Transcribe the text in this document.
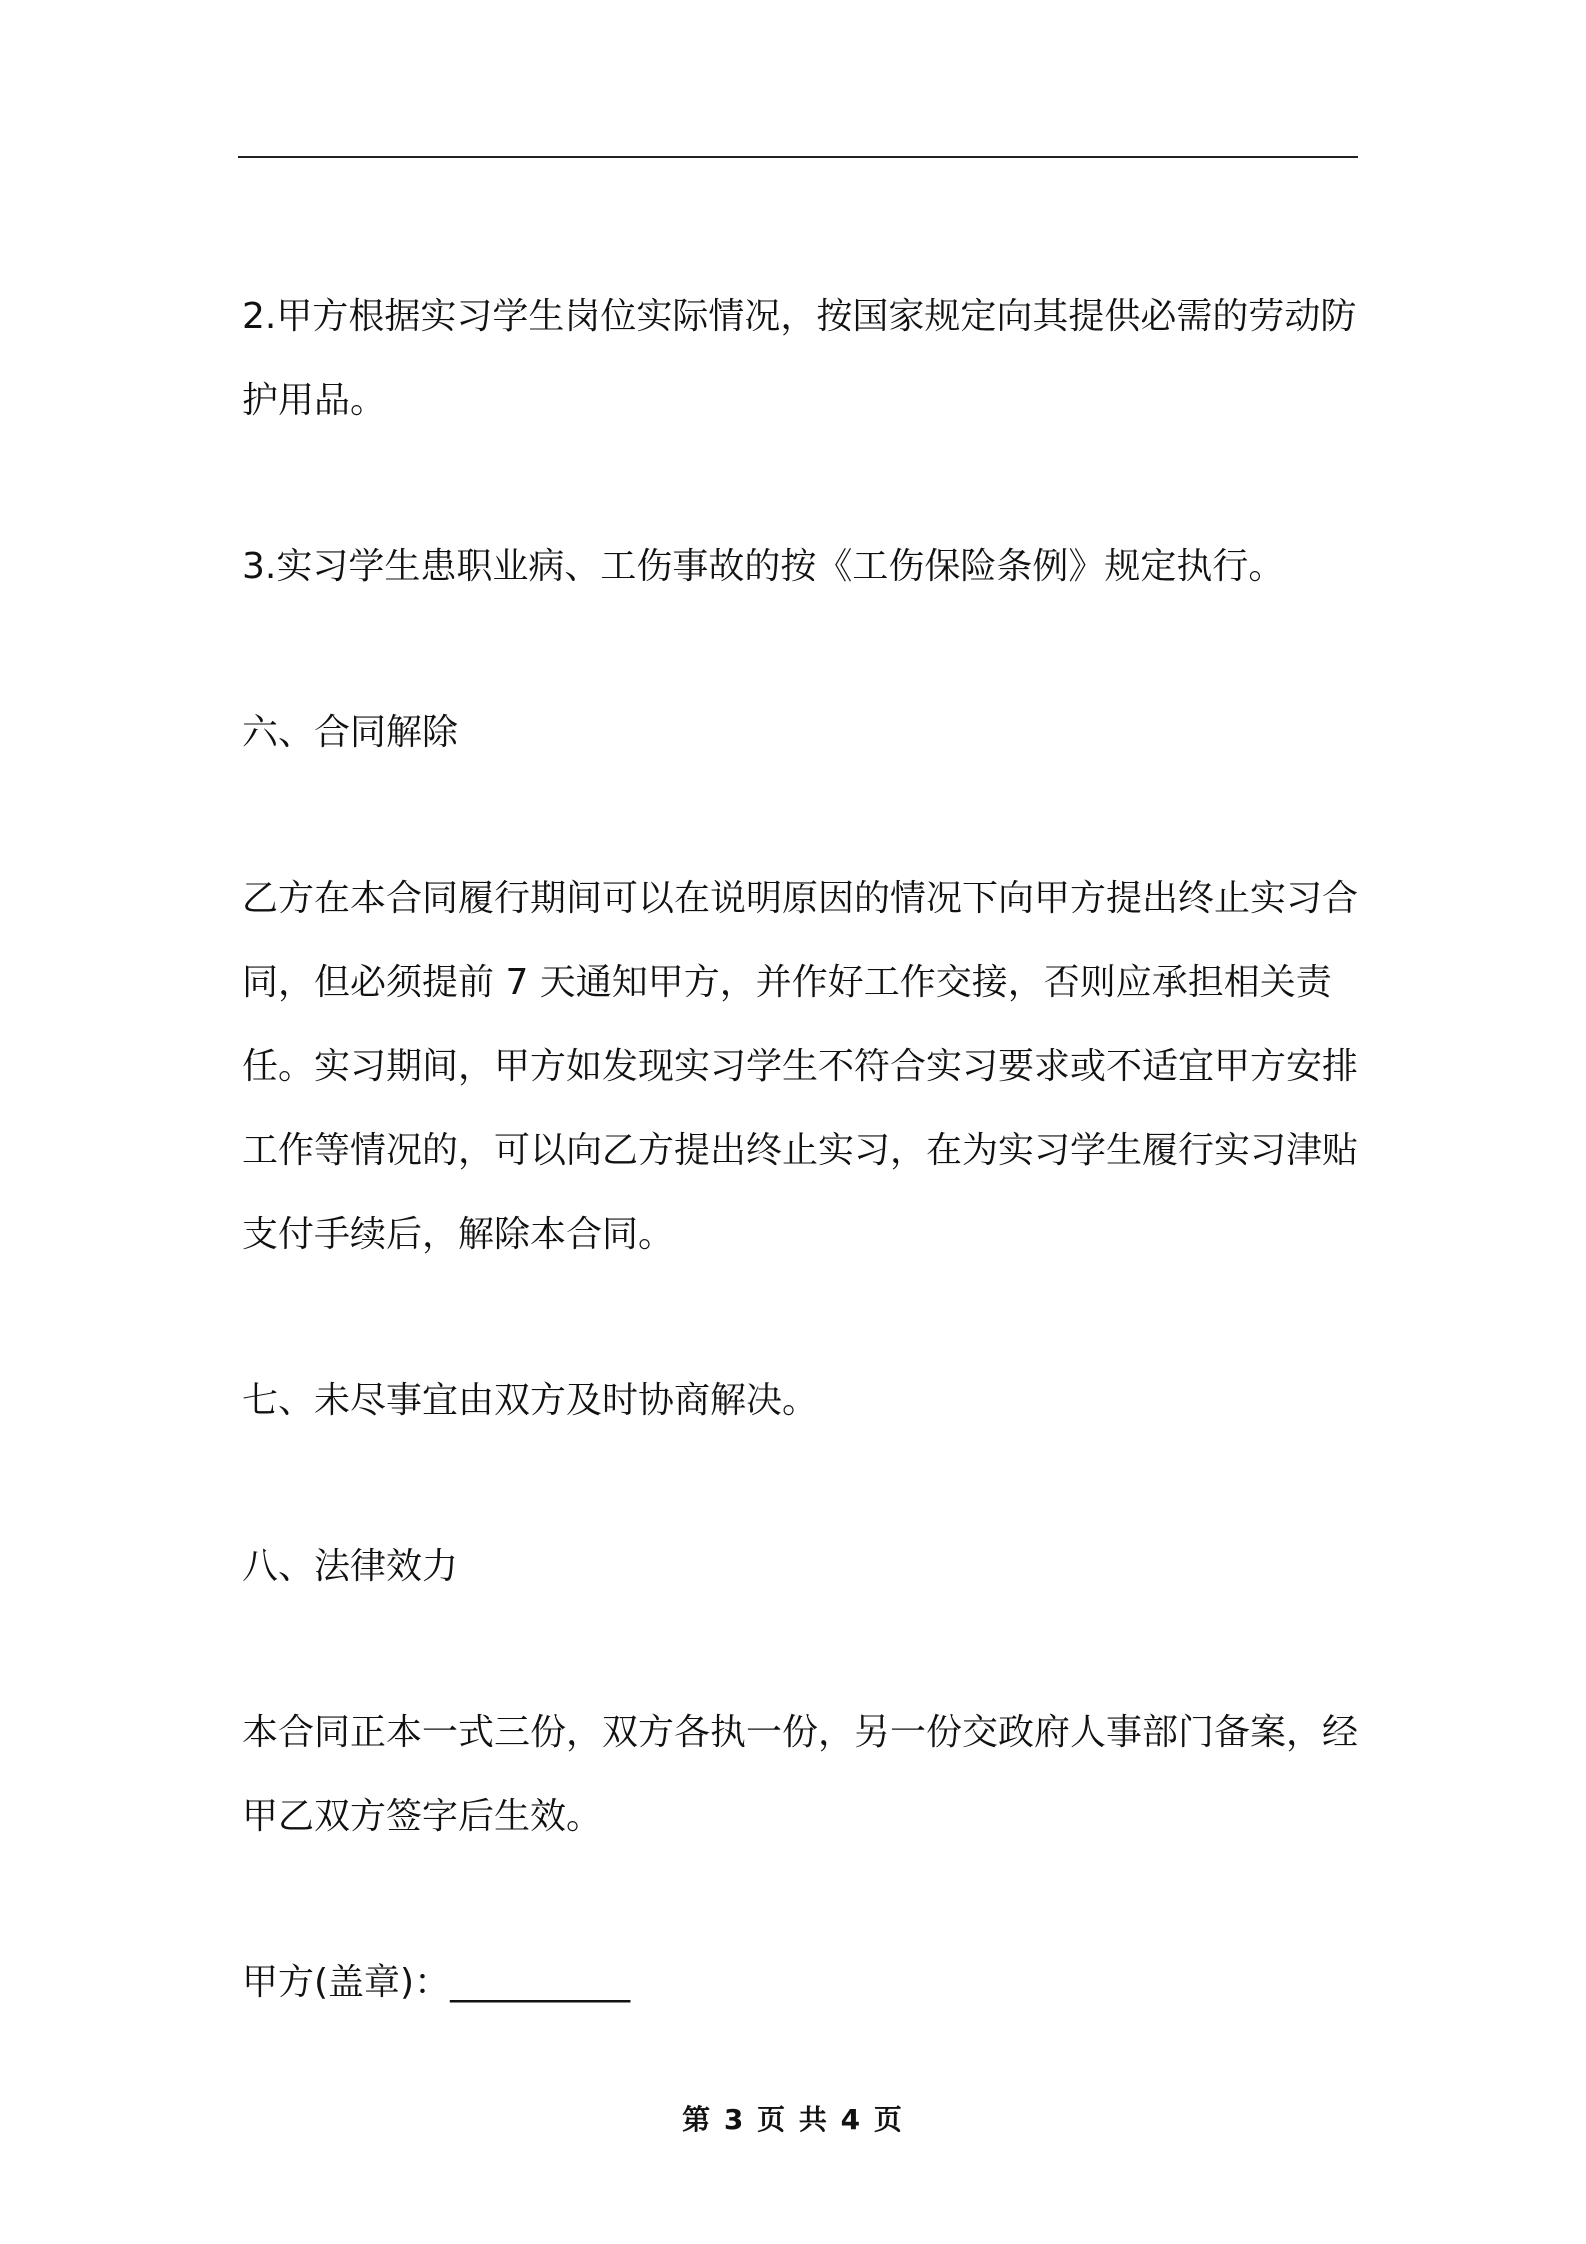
2.甲方根据实习学生岗位实际情况，按国家规定向其提供必需的劳动防护用品。

3.实习学生患职业病、工伤事故的按《工伤保险条例》规定执行。

六、合同解除

乙方在本合同履行期间可以在说明原因的情况下向甲方提出终止实习合同，但必须提前 7 天通知甲方，并作好工作交接，否则应承担相关责任。实习期间，甲方如发现实习学生不符合实习要求或不适宜甲方安排工作等情况的，可以向乙方提出终止实习，在为实习学生履行实习津贴支付手续后，解除本合同。

七、未尽事宜由双方及时协商解决。

八、法律效力

本合同正本一式三份，双方各执一份，另一份交政府人事部门备案，经甲乙双方签字后生效。

甲方(盖章)：__________

第 3 页 共 4 页
